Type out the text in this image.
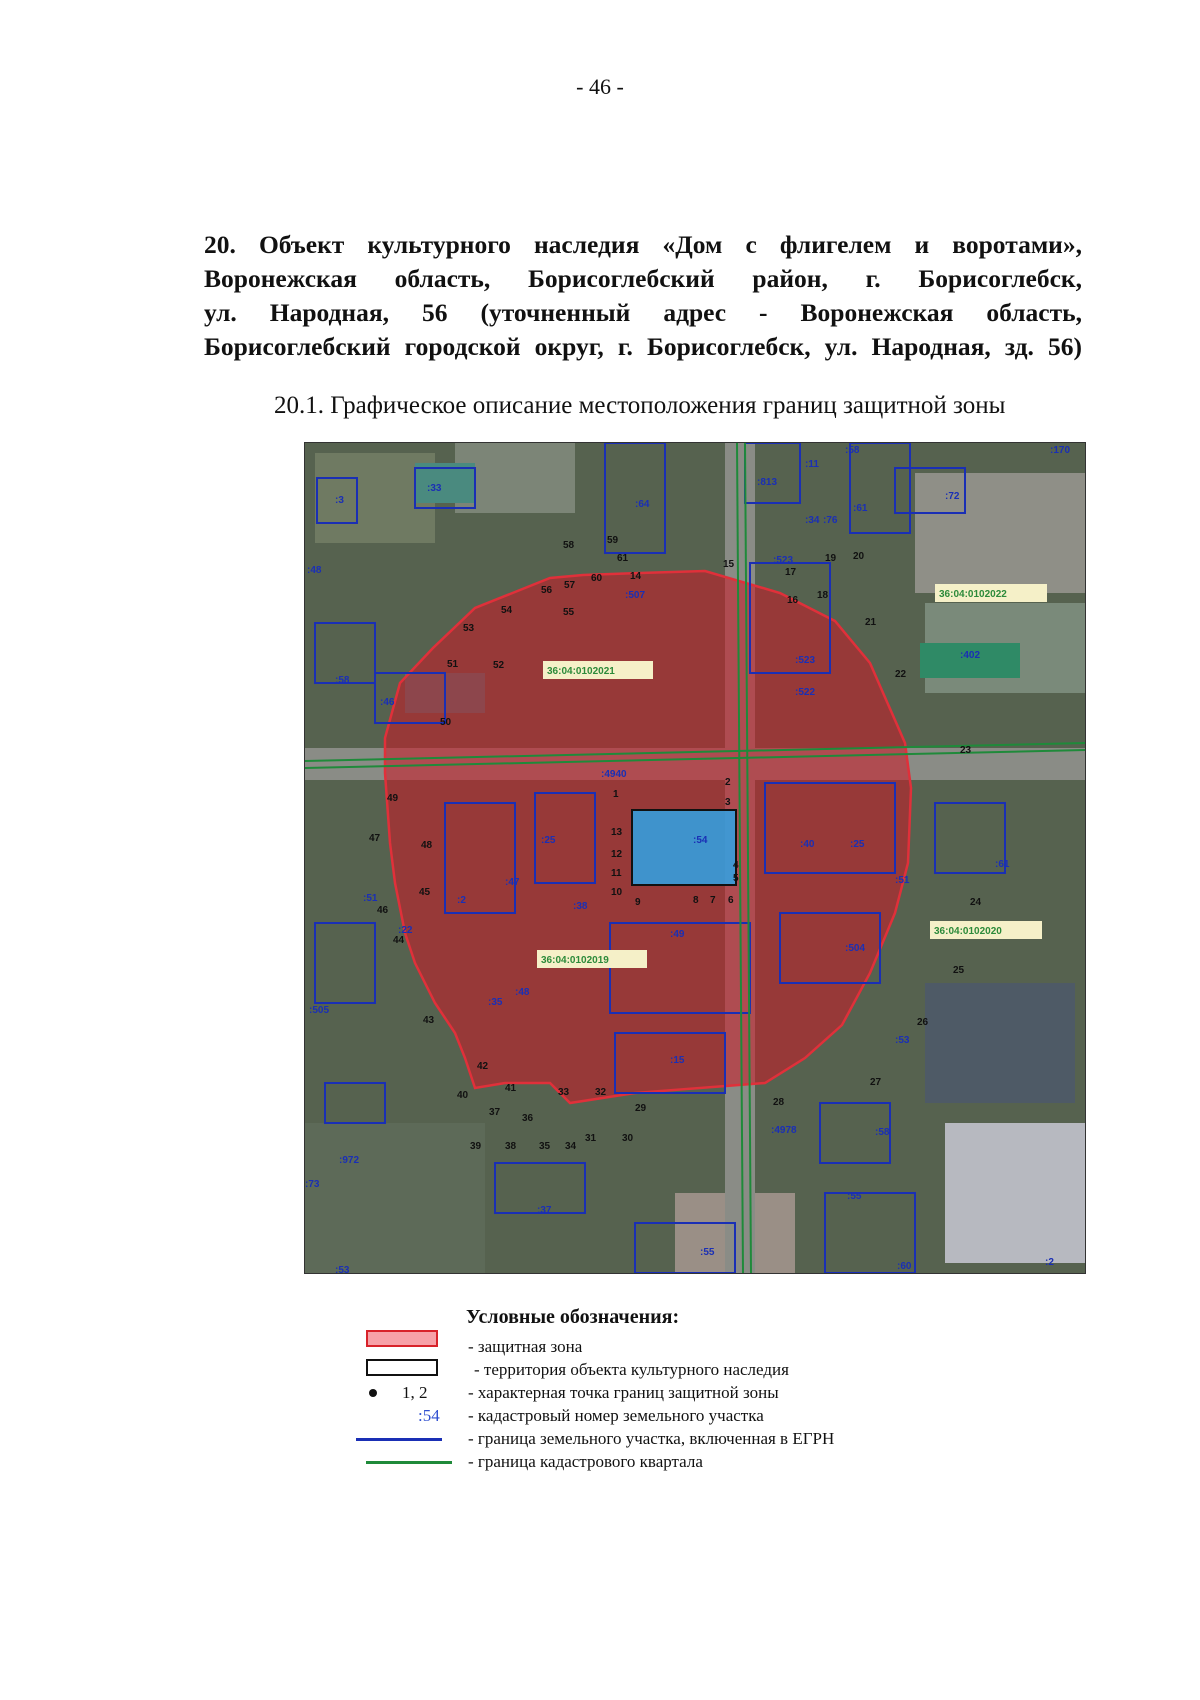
- 46 -
20. Объект культурного наследия «Дом с флигелем и воротами»,
Воронежская область, Борисоглебский район, г. Борисоглебск,
ул. Народная, 56 (уточненный адрес - Воронежская область,
Борисоглебский городской округ, г. Борисоглебск, ул. Народная, зд. 56)

20.1. Графическое описание местоположения границ защитной зоны

36:04:0102021
36:04:0102022
36:04:0102019
36:04:0102020
1
2
3
4
5
6
7
8
9
10
11
12
13
14
15
16
17
18
19 20
21
22
23
24
25
26
27
28
29
30
31
32
33
34
35
36
37
38
39
40
41
42
43
44
45
46
47
48
49
50
51	52
53
54	55
56 57
58	59
60
61
:3
:33
:64
:813
:11
:58	:170
:34 :76
:61
:72
:48
:523
:507
:402
:58
:46
:523
:522
:4940
:25	:54	:40	:25
:61
:51
:47
:38
:2
:49
:504
:51
:22
:35
:48
:15
:505
:53
:972
:4978	:58
:73
:37
:55
:55
:60	:2
:53
Условные обозначения:
- защитная зона
- территория объекта культурного наследия
1, 2 - характерная точка границ защитной зоны
:54 - кадастровый номер земельного участка
- граница земельного участка, включенная в ЕГРН
- граница кадастрового квартала
